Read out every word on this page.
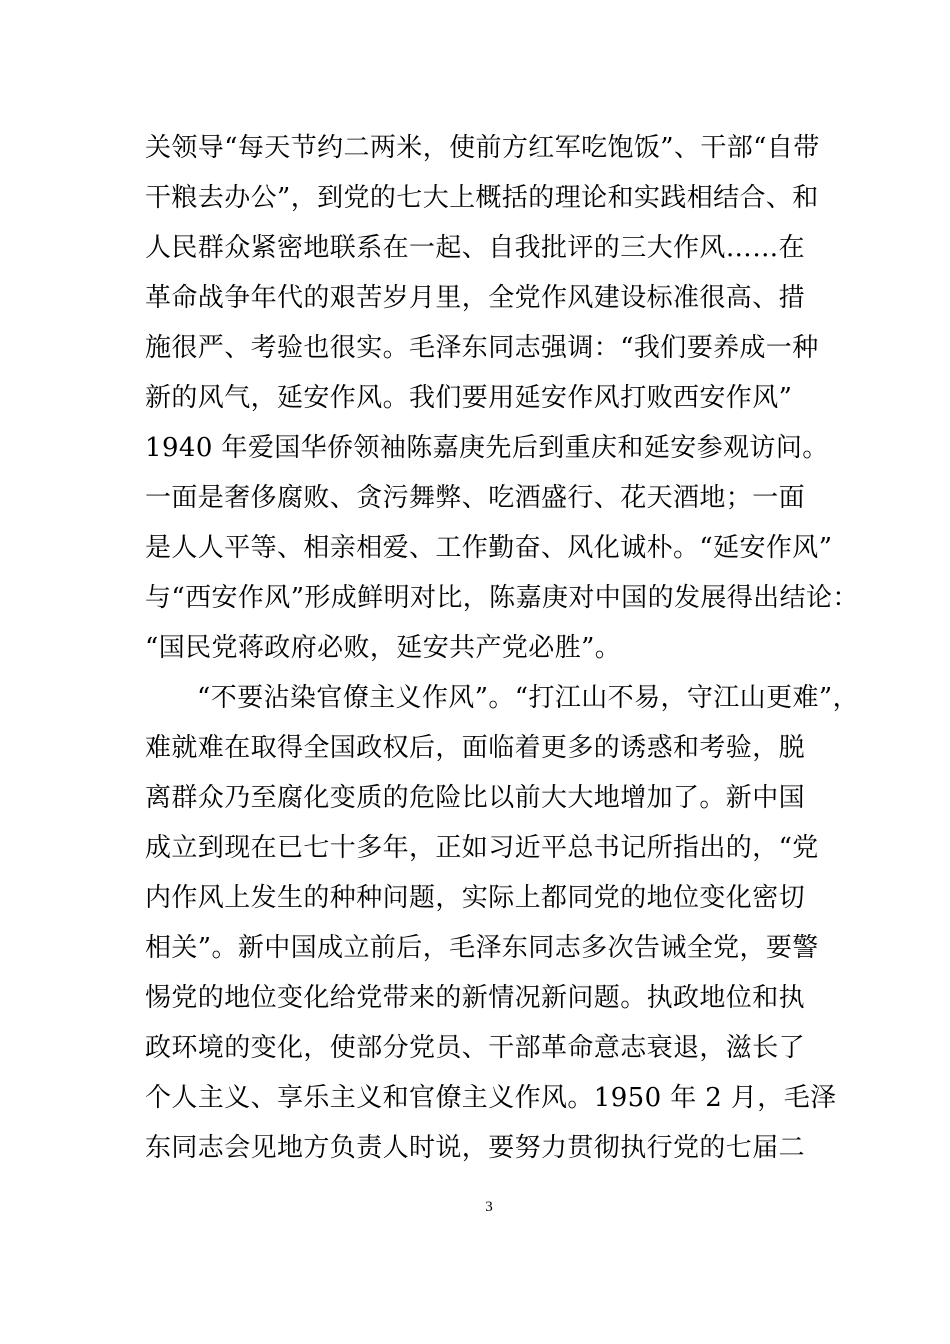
关领导“每天节约二两米，使前方红军吃饱饭”、干部“自带
干粮去办公”，到党的七大上概括的理论和实践相结合、和
人民群众紧密地联系在一起、自我批评的三大作风……在
革命战争年代的艰苦岁月里，全党作风建设标准很高、措
施很严、考验也很实。毛泽东同志强调：“我们要养成一种
新的风气，延安作风。我们要用延安作风打败西安作风”
1940 年爱国华侨领袖陈嘉庚先后到重庆和延安参观访问。
一面是奢侈腐败、贪污舞弊、吃酒盛行、花天酒地；一面
是人人平等、相亲相爱、工作勤奋、风化诚朴。“延安作风”
与“西安作风”形成鲜明对比，陈嘉庚对中国的发展得出结论：
“国民党蒋政府必败，延安共产党必胜”。
“不要沾染官僚主义作风”。“打江山不易，守江山更难”，
难就难在取得全国政权后，面临着更多的诱惑和考验，脱
离群众乃至腐化变质的危险比以前大大地增加了。新中国
成立到现在已七十多年，正如习近平总书记所指出的，“党
内作风上发生的种种问题，实际上都同党的地位变化密切
相关”。新中国成立前后，毛泽东同志多次告诫全党，要警
惕党的地位变化给党带来的新情况新问题。执政地位和执
政环境的变化，使部分党员、干部革命意志衰退，滋长了
个人主义、享乐主义和官僚主义作风。1950 年 2 月，毛泽
东同志会见地方负责人时说，要努力贯彻执行党的七届二
3
